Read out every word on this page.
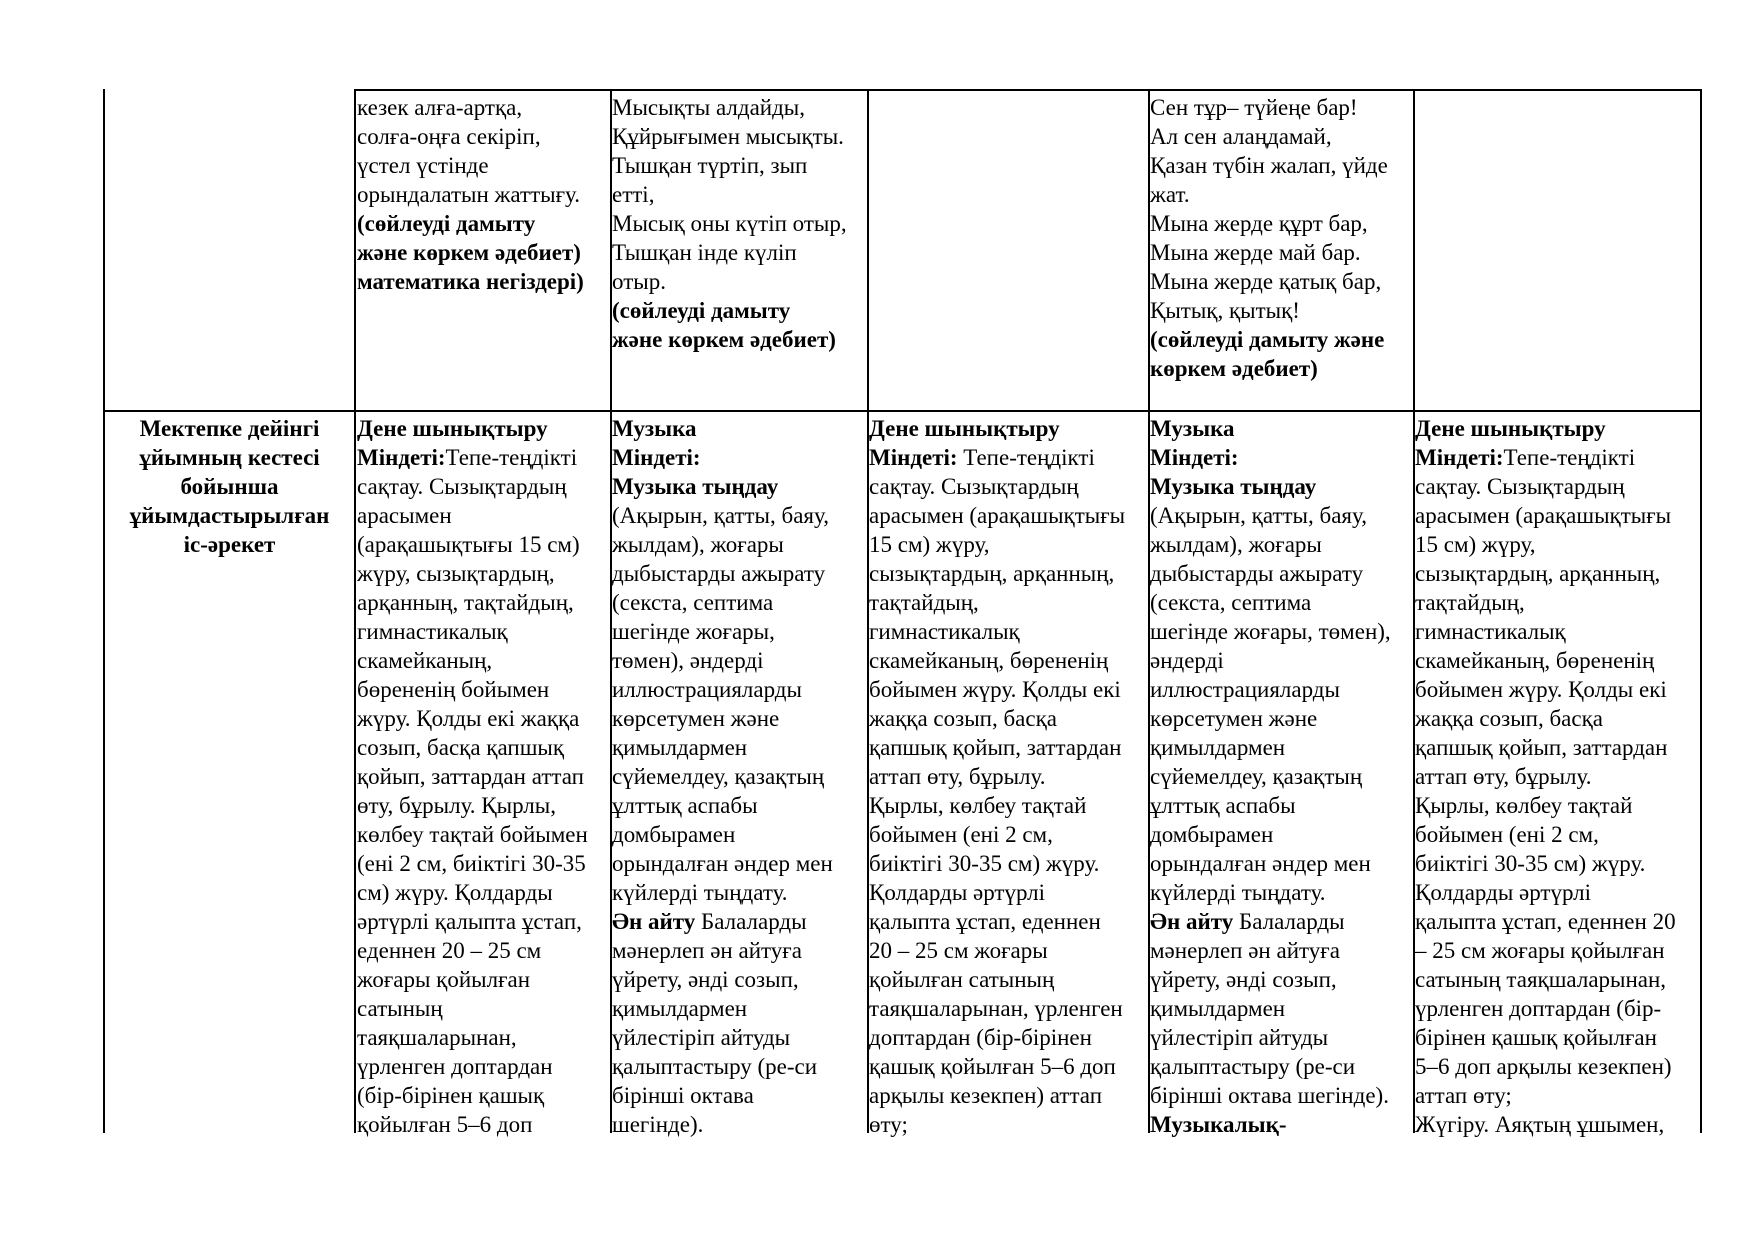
кезек алға-артқа,
солға-оңға секіріп,
үстел үстінде
орындалатын жаттығу.
(сөйлеуді дамыту
және көркем әдебиет)
математика негіздері)
Мысықты алдайды,
Құйрығымен мысықты.
Тышқан түртіп, зып
етті,
Мысық оны күтіп отыр,
Тышқан інде күліп
отыр.
(сөйлеуді дамыту
және көркем әдебиет)
Сен тұр– түйеңе бар!
Ал сен алаңдамай,
Қазан түбін жалап, үйде
жат.
Мына жерде құрт бар,
Мына жерде май бар.
Мына жерде қатық бар,
Қытық, қытық!
(сөйлеуді дамыту және
көркем әдебиет)
Мектепке дейінгі
ұйымның кестесі
бойынша
ұйымдастырылған
іс-әрекет
Дене шынықтыру
Міндеті:Тепе-теңдікті
сақтау. Сызықтардың
арасымен
(арақашықтығы 15 см)
жүру, сызықтардың,
арқанның, тақтайдың,
гимнастикалық
скамейканың,
бөрененің бойымен
жүру. Қолды екі жаққа
созып, басқа қапшық
қойып, заттардан аттап
өту, бұрылу. Қырлы,
көлбеу тақтай бойымен
(ені 2 см, биіктігі 30-35
см) жүру. Қолдарды
әртүрлі қалыпта ұстап,
еденнен 20 – 25 см
жоғары қойылған
сатының
таяқшаларынан,
үрленген доптардан
(бір-бірінен қашық
қойылған 5–6 доп
Музыка
Міндеті:
Музыка тыңдау
(Ақырын, қатты, баяу,
жылдам), жоғары
дыбыстарды ажырату
(секста, септима
шегінде жоғары,
төмен), әндерді
иллюстрацияларды
көрсетумен және
қимылдармен
сүйемелдеу, қазақтың
ұлттық аспабы
домбырамен
орындалған әндер мен
күйлерді тыңдату.
Ән айту Балаларды
мәнерлеп ән айтуға
үйрету, әнді созып,
қимылдармен
үйлестіріп айтуды
қалыптастыру (ре-си
бірінші октава
шегінде).
Дене шынықтыру
Міндеті: Тепе-теңдікті
сақтау. Сызықтардың
арасымен (арақашықтығы
15 см) жүру,
сызықтардың, арқанның,
тақтайдың,
гимнастикалық
скамейканың, бөрененің
бойымен жүру. Қолды екі
жаққа созып, басқа
қапшық қойып, заттардан
аттап өту, бұрылу.
Қырлы, көлбеу тақтай
бойымен (ені 2 см,
биіктігі 30-35 см) жүру.
Қолдарды әртүрлі
қалыпта ұстап, еденнен
20 – 25 см жоғары
қойылған сатының
таяқшаларынан, үрленген
доптардан (бір-бірінен
қашық қойылған 5–6 доп
арқылы кезекпен) аттап
өту;
Музыка
Міндеті:
Музыка тыңдау
(Ақырын, қатты, баяу,
жылдам), жоғары
дыбыстарды ажырату
(секста, септима
шегінде жоғары, төмен),
әндерді
иллюстрацияларды
көрсетумен және
қимылдармен
сүйемелдеу, қазақтың
ұлттық аспабы
домбырамен
орындалған әндер мен
күйлерді тыңдату.
Ән айту Балаларды
мәнерлеп ән айтуға
үйрету, әнді созып,
қимылдармен
үйлестіріп айтуды
қалыптастыру (ре-си
бірінші октава шегінде).
Музыкалық-
Дене шынықтыру
Міндеті:Тепе-теңдікті
сақтау. Сызықтардың
арасымен (арақашықтығы
15 см) жүру,
сызықтардың, арқанның,
тақтайдың,
гимнастикалық
скамейканың, бөрененің
бойымен жүру. Қолды екі
жаққа созып, басқа
қапшық қойып, заттардан
аттап өту, бұрылу.
Қырлы, көлбеу тақтай
бойымен (ені 2 см,
биіктігі 30-35 см) жүру.
Қолдарды әртүрлі
қалыпта ұстап, еденнен 20
– 25 см жоғары қойылған
сатының таяқшаларынан,
үрленген доптардан (бір-
бірінен қашық қойылған
5–6 доп арқылы кезекпен)
аттап өту;
Жүгіру. Аяқтың ұшымен,
